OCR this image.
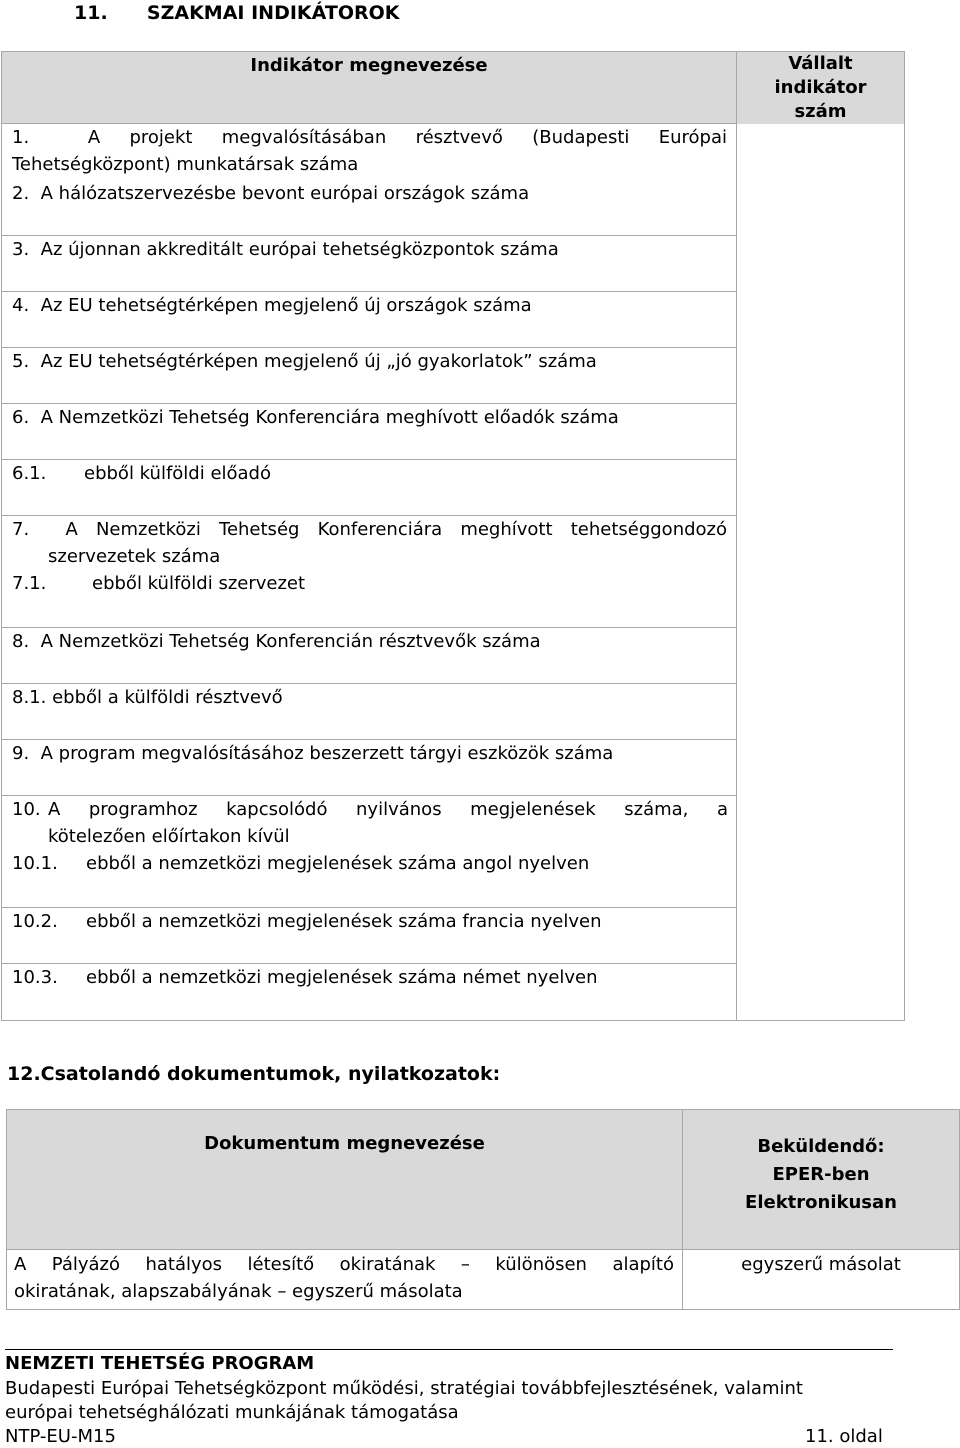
11. SZAKMAI INDIKÁTOROK
Indikátor megnevezése	Vállalt
indikátor
szám

1.	A projekt megvalósításában résztvevő (Budapesti Európai
Tehetségközpont) munkatársak száma

2. A hálózatszervezésbe bevont európai országok száma

3. Az újonnan akkreditált európai tehetségközpontok száma

4. Az EU tehetségtérképen megjelenő új országok száma

5. Az EU tehetségtérképen megjelenő új „jó gyakorlatok” száma

6. A Nemzetközi Tehetség Konferenciára meghívott előadók száma

6.1. ebből külföldi előadó

7. A Nemzetközi Tehetség Konferenciára meghívott tehetséggondozó
szervezetek száma
7.1.	ebből külföldi szervezet

8. A Nemzetközi Tehetség Konferencián résztvevők száma

8.1. ebből a külföldi résztvevő

9. A program megvalósításához beszerzett tárgyi eszközök száma

10. A programhoz kapcsolódó nyilvános megjelenések száma, a
kötelezően előírtakon kívül
10.1. ebből a nemzetközi megjelenések száma angol nyelven

10.2. ebből a nemzetközi megjelenések száma francia nyelven

10.3. ebből a nemzetközi megjelenések száma német nyelven
12.Csatolandó dokumentumok, nyilatkozatok:
Dokumentum megnevezése	Beküldendő:
EPER-ben
Elektronikusan

A Pályázó hatályos létesítő okiratának – különösen alapító
okiratának, alapszabályának – egyszerű másolata	egyszerű másolat
NEMZETI TEHETSÉG PROGRAM
Budapesti Európai Tehetségközpont működési, stratégiai továbbfejlesztésének, valamint
európai tehetséghálózati munkájának támogatása
NTP-EU-M15	11. oldal
